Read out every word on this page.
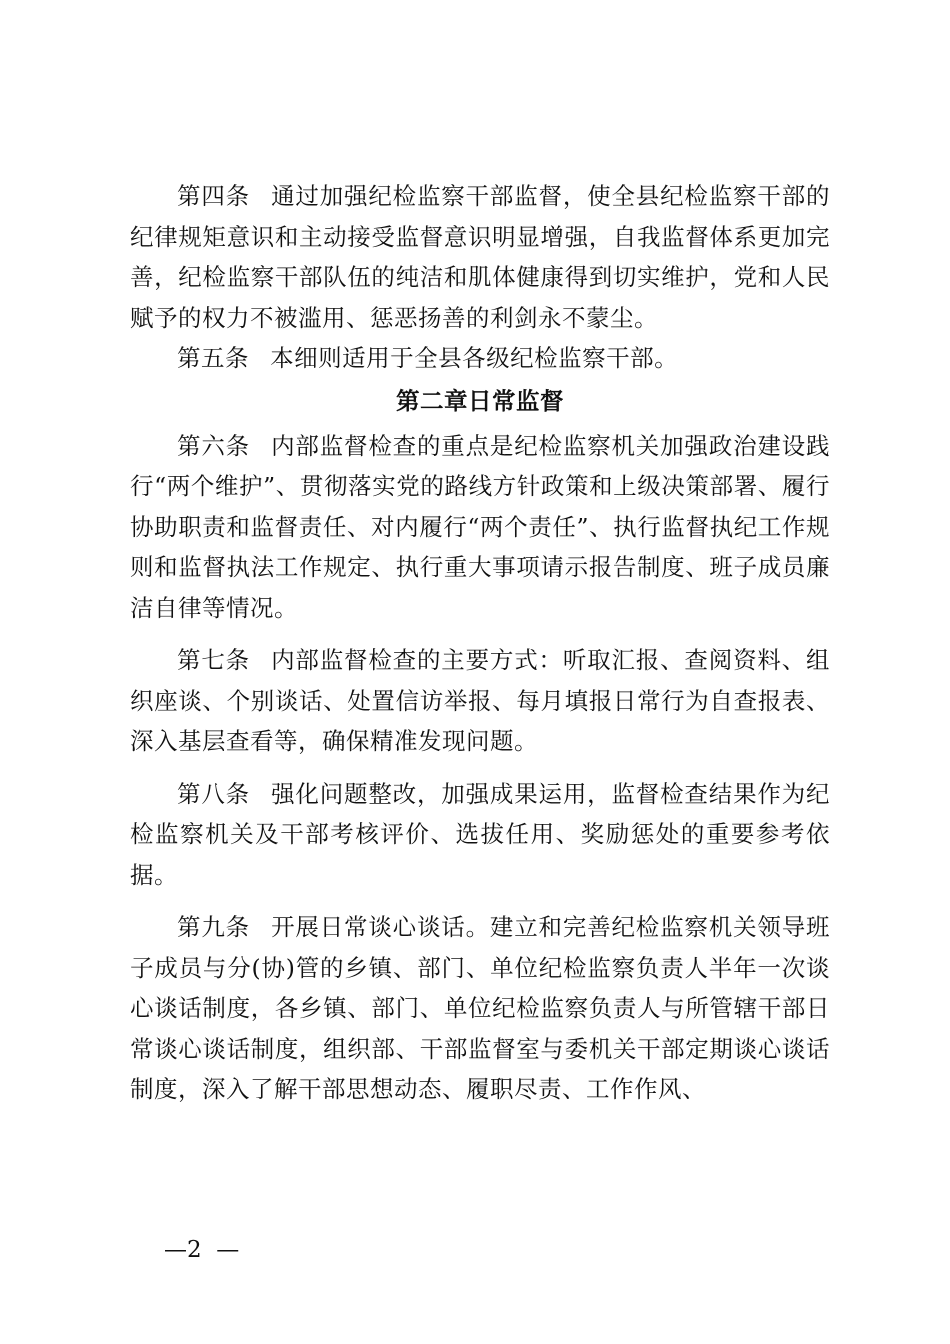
第四条 通过加强纪检监察干部监督，使全县纪检监察干部的纪律规矩意识和主动接受监督意识明显增强，自我监督体系更加完善，纪检监察干部队伍的纯洁和肌体健康得到切实维护，党和人民赋予的权力不被滥用、惩恶扬善的利剑永不蒙尘。

第五条 本细则适用于全县各级纪检监察干部。

第二章日常监督

第六条 内部监督检查的重点是纪检监察机关加强政治建设践行“两个维护”、贯彻落实党的路线方针政策和上级决策部署、履行协助职责和监督责任、对内履行“两个责任”、执行监督执纪工作规则和监督执法工作规定、执行重大事项请示报告制度、班子成员廉洁自律等情况。

第七条 内部监督检查的主要方式：听取汇报、查阅资料、组织座谈、个别谈话、处置信访举报、每月填报日常行为自查报表、深入基层查看等，确保精准发现问题。

第八条 强化问题整改，加强成果运用，监督检查结果作为纪检监察机关及干部考核评价、选拔任用、奖励惩处的重要参考依据。

第九条 开展日常谈心谈话。建立和完善纪检监察机关领导班子成员与分(协)管的乡镇、部门、单位纪检监察负责人半年一次谈心谈话制度，各乡镇、部门、单位纪检监察负责人与所管辖干部日常谈心谈话制度，组织部、干部监督室与委机关干部定期谈心谈话制度，深入了解干部思想动态、履职尽责、工作作风、

—2  —
